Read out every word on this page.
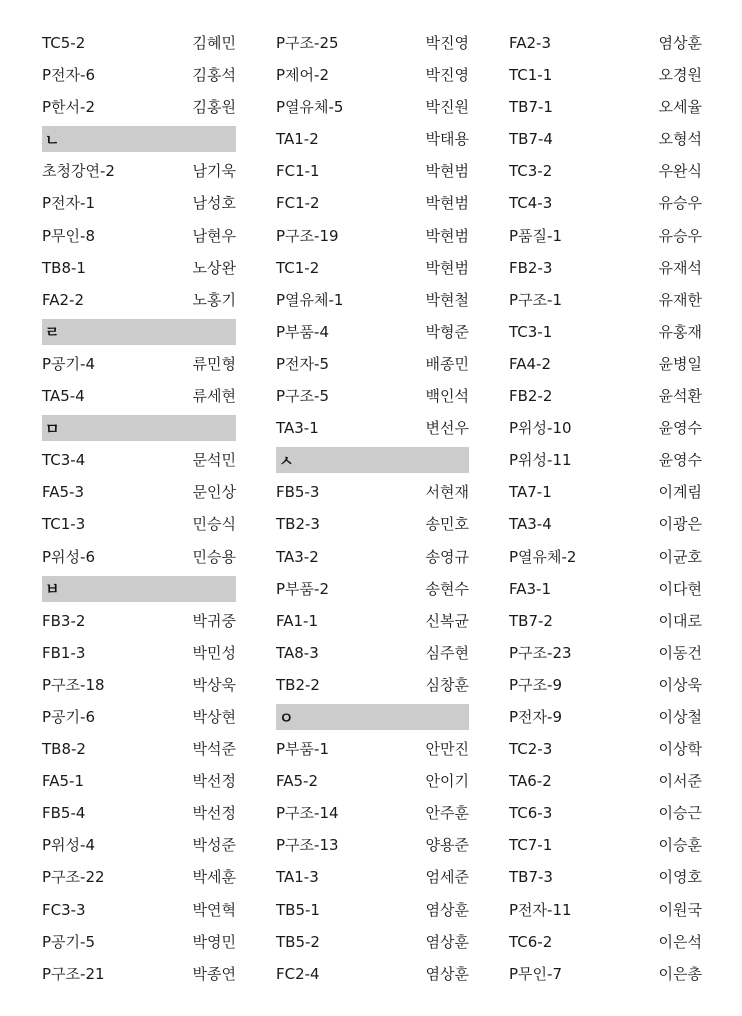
TC5-2	김혜민
P전자-6	김홍석
P한서-2	김홍원
ㄴ
초청강연-2	남기욱
P전자-1	남성호
P무인-8	남현우
TB8-1	노상완
FA2-2	노홍기
ㄹ
P공기-4	류민형
TA5-4	류세현
ㅁ
TC3-4	문석민
FA5-3	문인상
TC1-3	민승식
P위성-6	민승용
ㅂ
FB3-2	박귀중
FB1-3	박민성
P구조-18	박상욱
P공기-6	박상현
TB8-2	박석준
FA5-1	박선정
FB5-4	박선정
P위성-4	박성준
P구조-22	박세훈
FC3-3	박연혁
P공기-5	박영민
P구조-21	박종연
P구조-25	박진영
P제어-2	박진영
P열유체-5	박진원
TA1-2	박태용
FC1-1	박현범
FC1-2	박현범
P구조-19	박현범
TC1-2	박현범
P열유체-1	박현철
P부품-4	박형준
P전자-5	배종민
P구조-5	백인석
TA3-1	변선우
ㅅ
FB5-3	서현재
TB2-3	송민호
TA3-2	송영규
P부품-2	송현수
FA1-1	신복균
TA8-3	심주현
TB2-2	심창훈
ㅇ
P부품-1	안만진
FA5-2	안이기
P구조-14	안주훈
P구조-13	양용준
TA1-3	엄세준
TB5-1	염상훈
TB5-2	염상훈
FC2-4	염상훈
FA2-3	염상훈
TC1-1	오경원
TB7-1	오세율
TB7-4	오형석
TC3-2	우완식
TC4-3	유승우
P품질-1	유승우
FB2-3	유재석
P구조-1	유재한
TC3-1	유홍재
FA4-2	윤병일
FB2-2	윤석환
P위성-10	윤영수
P위성-11	윤영수
TA7-1	이계림
TA3-4	이광은
P열유체-2	이균호
FA3-1	이다현
TB7-2	이대로
P구조-23	이동건
P구조-9	이상욱
P전자-9	이상철
TC2-3	이상학
TA6-2	이서준
TC6-3	이승근
TC7-1	이승훈
TB7-3	이영호
P전자-11	이원국
TC6-2	이은석
P무인-7	이은총
